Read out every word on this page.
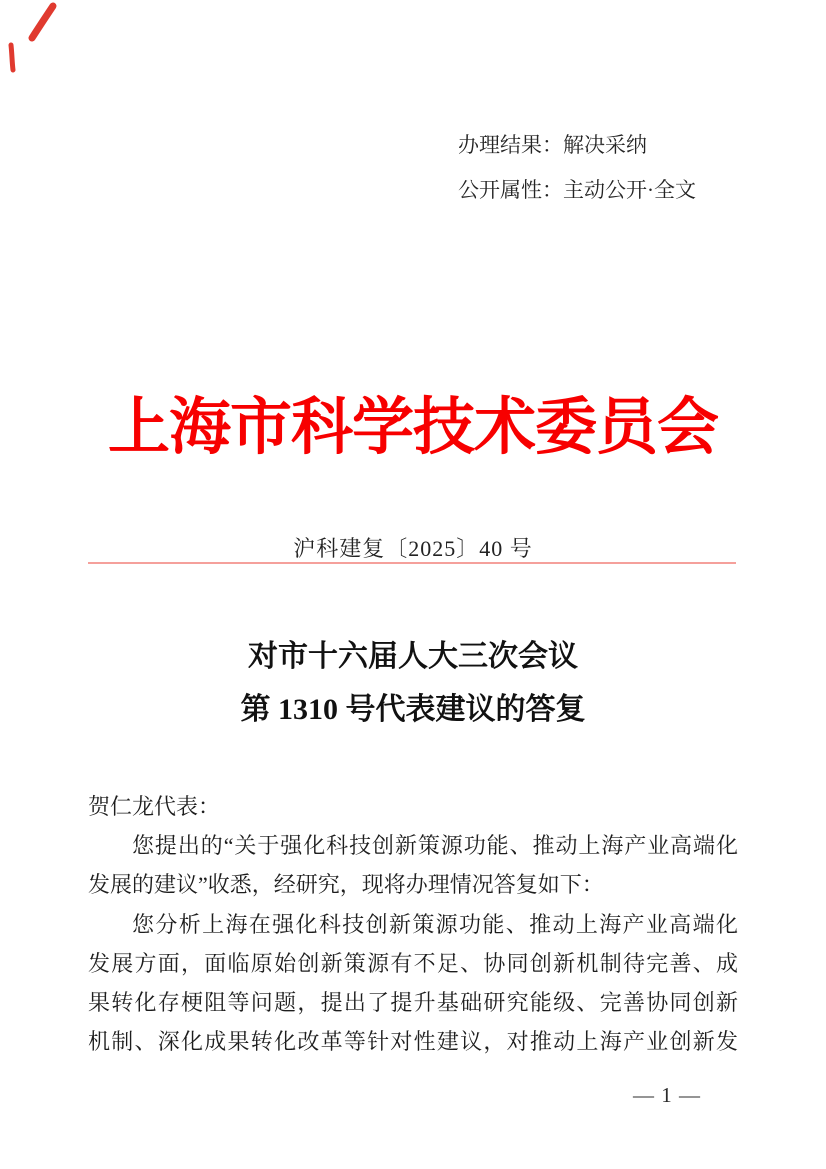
办理结果：解决采纳
公开属性：主动公开·全文
上海市科学技术委员会
沪科建复〔2025〕40 号
对市十六届人大三次会议
第 1310 号代表建议的答复
贺仁龙代表：
您提出的“关于强化科技创新策源功能、推动上海产业高端化
发展的建议”收悉，经研究，现将办理情况答复如下：
您分析上海在强化科技创新策源功能、推动上海产业高端化
发展方面，面临原始创新策源有不足、协同创新机制待完善、成
果转化存梗阻等问题，提出了提升基础研究能级、完善协同创新
机制、深化成果转化改革等针对性建议，对推动上海产业创新发
— 1 —
